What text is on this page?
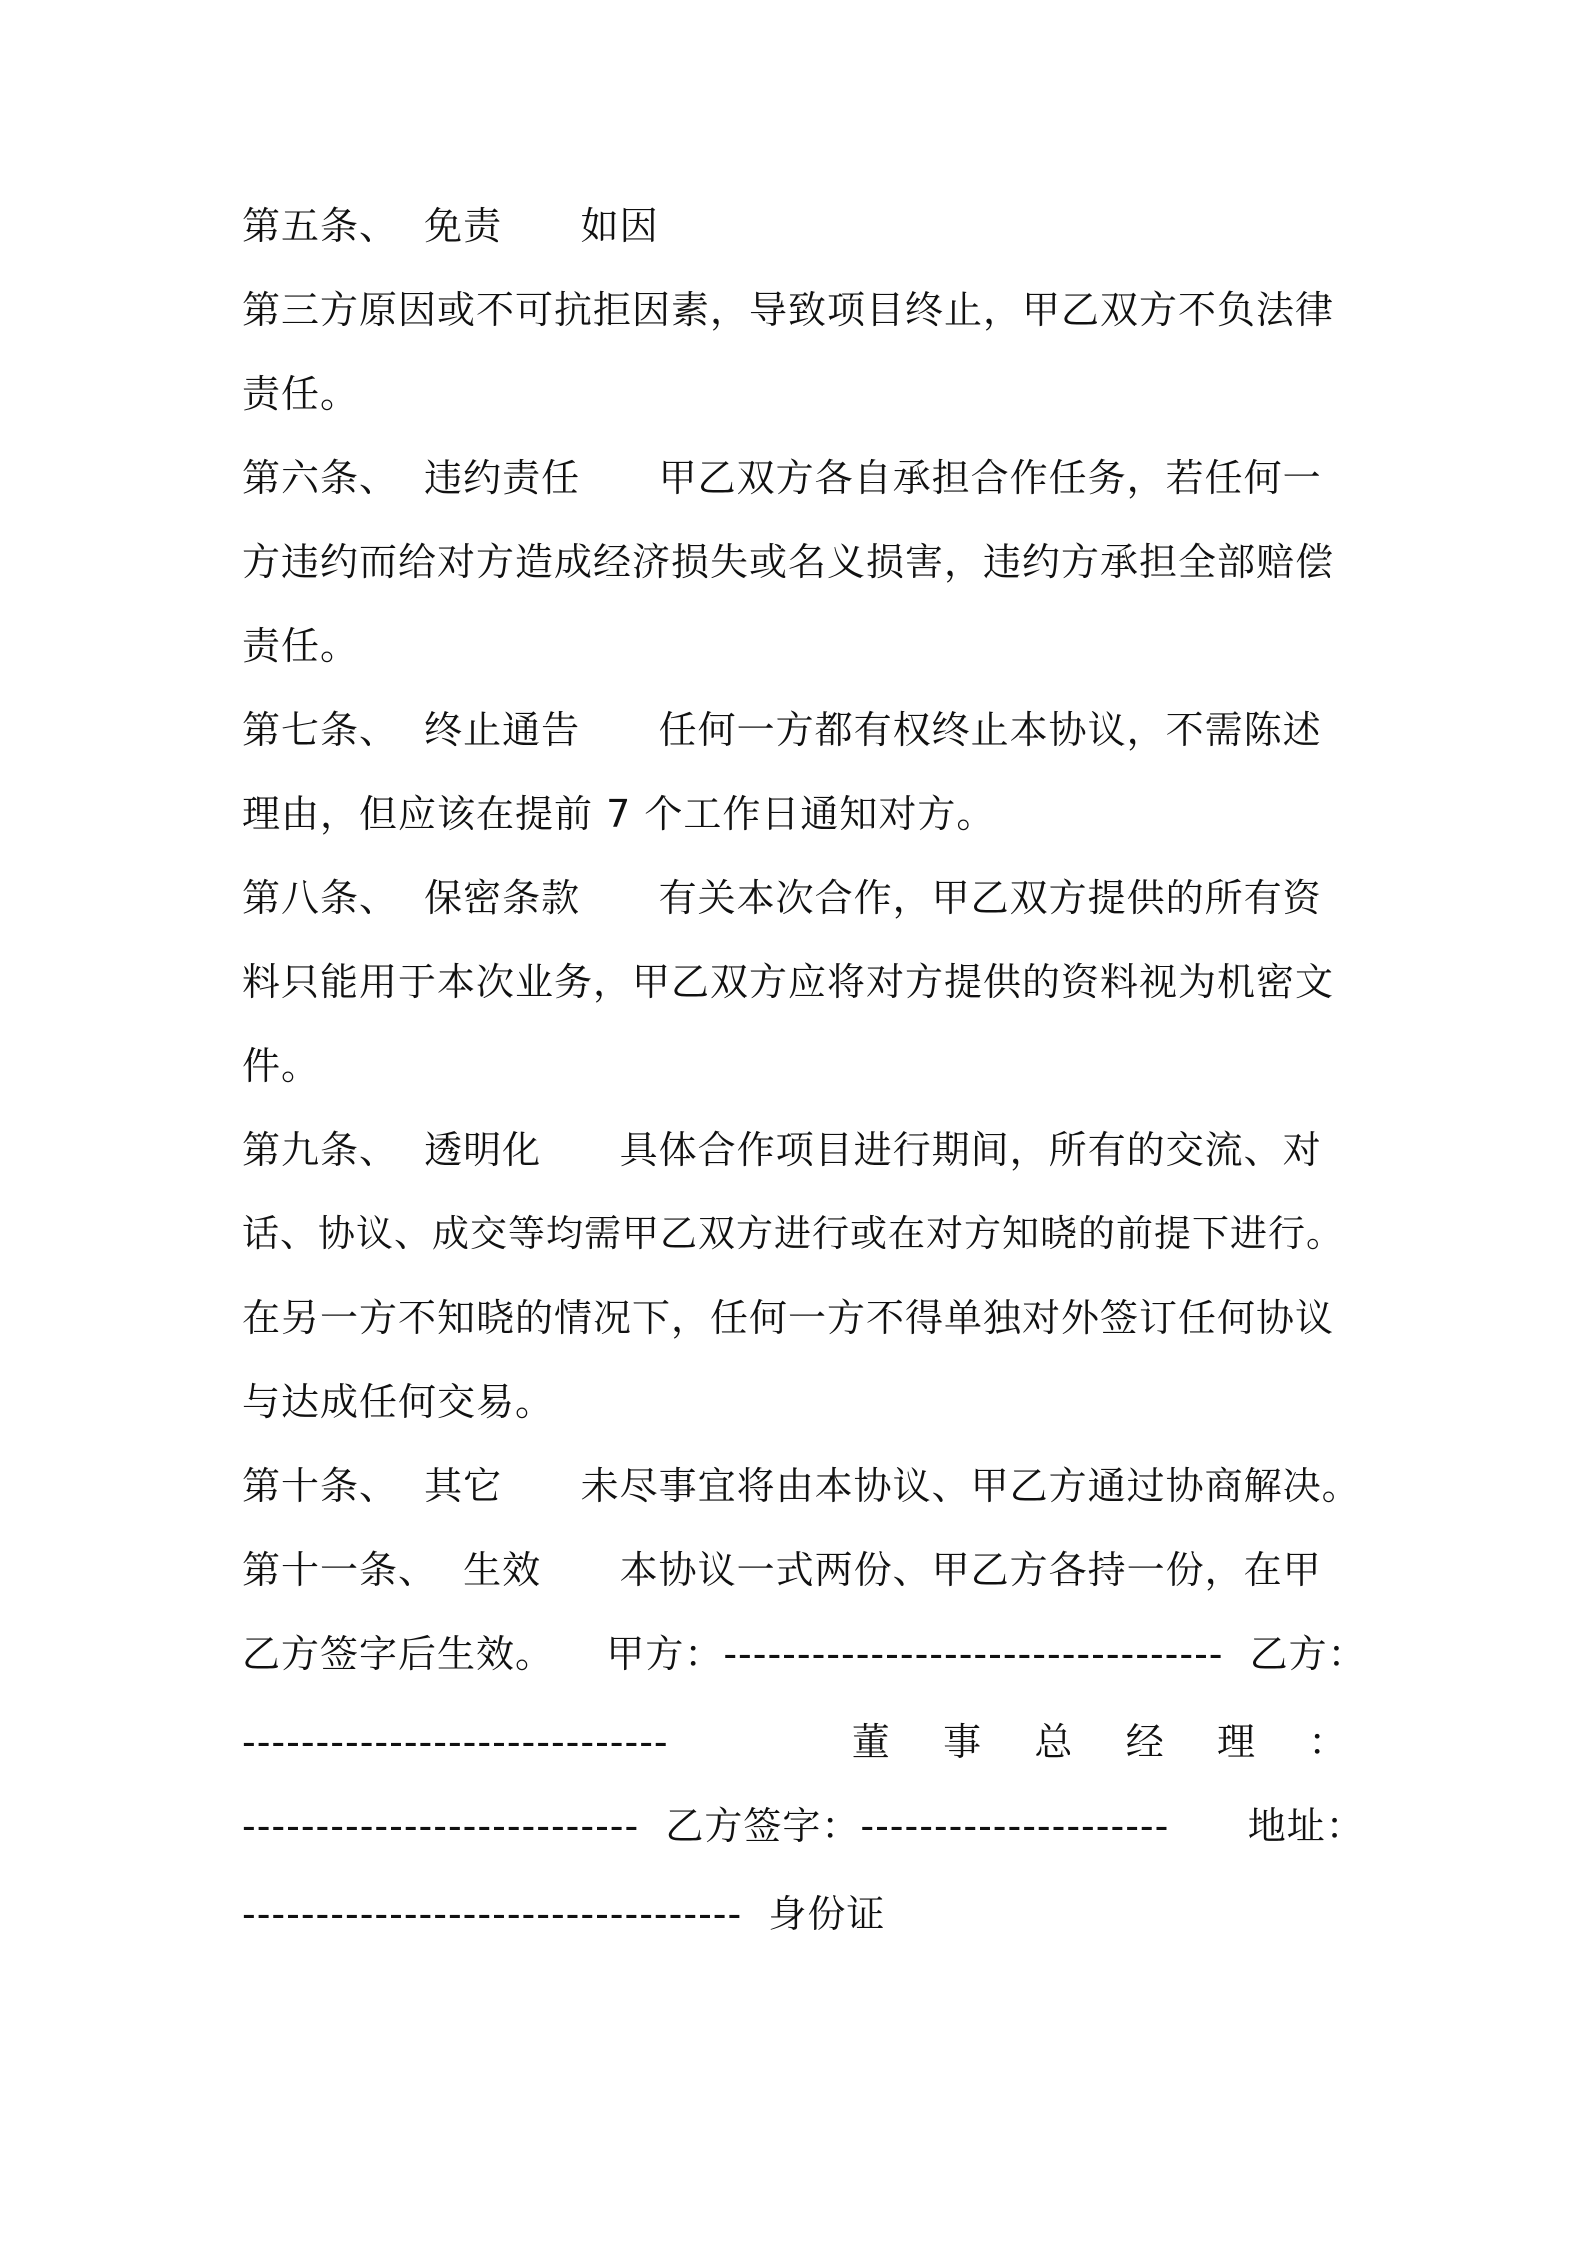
第五条、  免责      如因
第三方原因或不可抗拒因素，导致项目终止，甲乙双方不负法律
责任。
第六条、  违约责任      甲乙双方各自承担合作任务，若任何一
方违约而给对方造成经济损失或名义损害，违约方承担全部赔偿
责任。
第七条、  终止通告      任何一方都有权终止本协议，不需陈述
理由，但应该在提前 7 个工作日通知对方。
第八条、  保密条款      有关本次合作，甲乙双方提供的所有资
料只能用于本次业务，甲乙双方应将对方提供的资料视为机密文
件。
第九条、  透明化      具体合作项目进行期间，所有的交流、对
话、协议、成交等均需甲乙双方进行或在对方知晓的前提下进行。
在另一方不知晓的情况下，任何一方不得单独对外签订任何协议
与达成任何交易。
第十条、  其它      未尽事宜将由本协议、甲乙方通过协商解决。
第十一条、  生效      本协议一式两份、甲乙方各持一份，在甲
乙方签字后生效。    甲方：----------------------------------  乙方：
-----------------------------              董    事    总    经    理    ：
---------------------------  乙方签字：---------------------      地址：
----------------------------------  身份证
